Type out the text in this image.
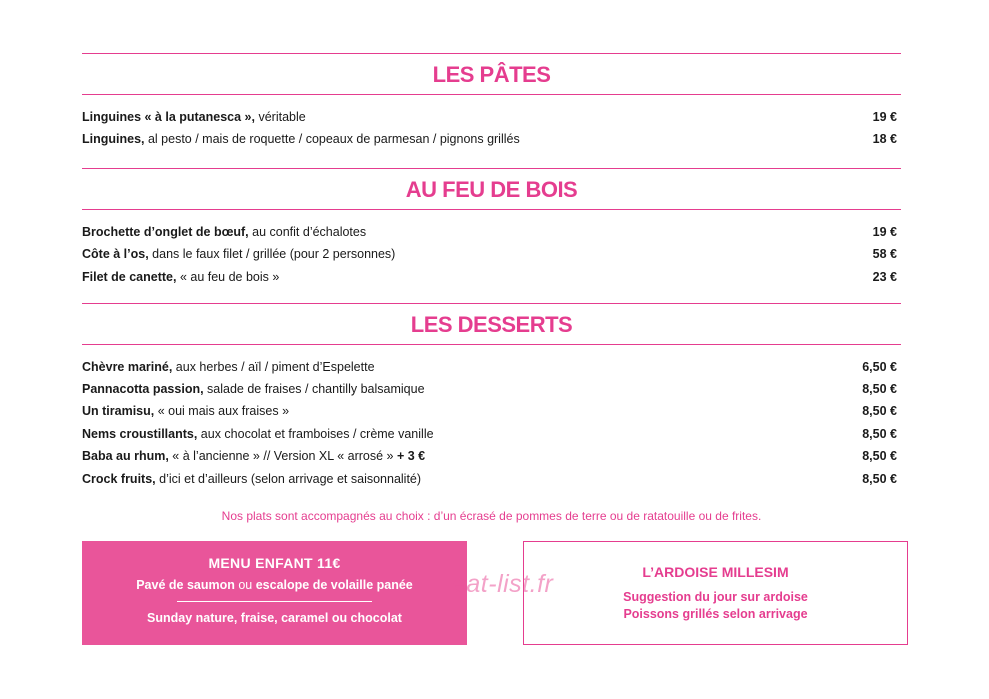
LES PÂTES
Linguines « à la putanesca », véritable	19 €
Linguines, al pesto / mais de roquette / copeaux de parmesan / pignons grillés	18 €
AU FEU DE BOIS
Brochette d’onglet de bœuf, au confit d’échalotes	19 €
Côte à l’os, dans le faux filet / grillée (pour 2 personnes)	58 €
Filet de canette, « au feu de bois »	23 €
LES DESSERTS
Chèvre mariné, aux herbes / aïl / piment d’Espelette	6,50 €
Pannacotta passion, salade de fraises / chantilly balsamique	8,50 €
Un tiramisu, « oui mais aux fraises »	8,50 €
Nems croustillants, aux chocolat et framboises / crème vanille	8,50 €
Baba au rhum, « à l’ancienne » // Version XL « arrosé » + 3 €	8,50 €
Crock fruits, d’ici et d’ailleurs (selon arrivage et saisonnalité)	8,50 €
Nos plats sont accompagnés au choix : d’un écrasé de pommes de terre ou de ratatouille ou de frites.
MENU ENFANT 11€
Pavé de saumon ou escalope de volaille panée
Sunday nature, fraise, caramel ou chocolat
L’ARDOISE MILLESIM
Suggestion du jour sur ardoise
Poissons grillés selon arrivage
eat-list.fr
